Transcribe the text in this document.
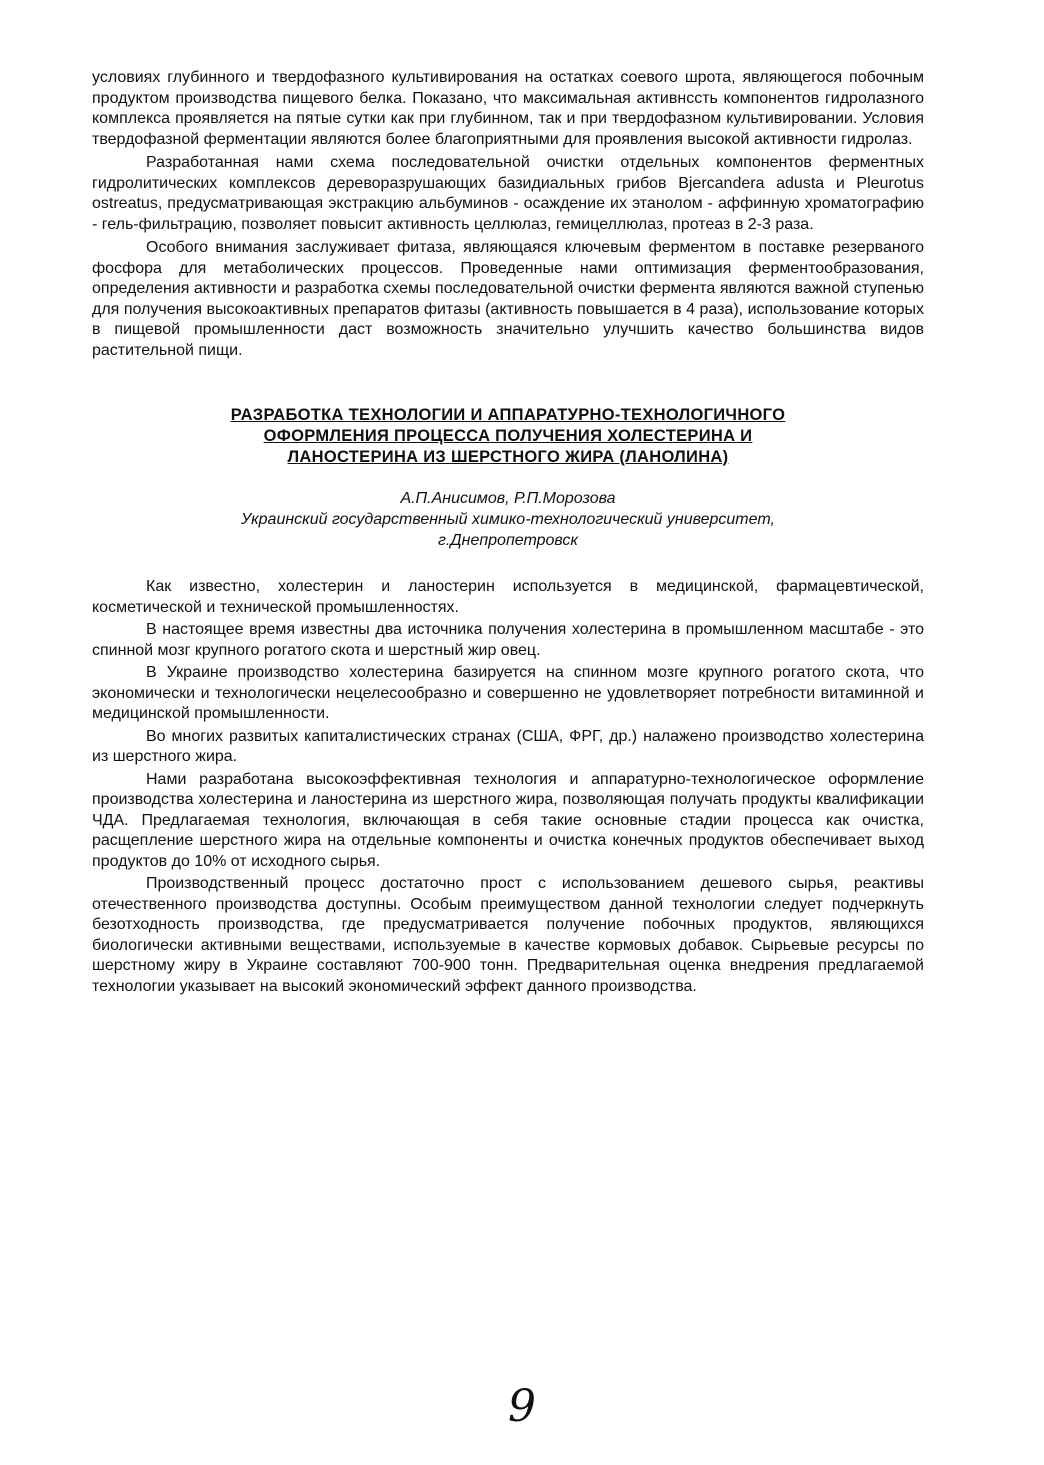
условиях глубинного и твердофазного культивирования на остатках соевого шрота, являющегося побочным продуктом производства пищевого белка. Показано, что максимальная активнсcть компонентов гидролазного комплекса проявляется на пятые сутки как при глубинном, так и при твердофазном культивировании. Условия твердофазной ферментации являются более благоприятными для проявления высокой активности гидролаз.

Разработанная нами схема последовательной очистки отдельных компонентов ферментных гидролитических комплексов дереворазрушающих базидиальных грибов Bjercandera adusta и Pleurotus ostreatus, предусматривающая экстракцию альбуминов - осаждение их этанолом - аффинную хроматографию - гель-фильтрацию, позволяет повысит активность целлюлаз, гемицеллюлаз, протеаз в 2-3 раза.

Особого внимания заслуживает фитаза, являющаяся ключевым ферментом в поставке резерваного фосфора для метаболических процессов. Проведенные нами оптимизация ферментообразования, определения активности и разработка схемы последовательной очистки фермента являются важной ступенью для получения высокоактивных препаратов фитазы (активность повышается в 4 раза), использование которых в пищевой промышленности даст возможность значительно улучшить качество большинства видов растительной пищи.

РАЗРАБОТКА ТЕХНОЛОГИИ И АППАРАТУРНО-ТЕХНОЛОГИЧНОГО
ОФОРМЛЕНИЯ ПРОЦЕССА ПОЛУЧЕНИЯ ХОЛЕСТЕРИНА И
ЛАНОСТЕРИНА ИЗ ШЕРСТНОГО ЖИРА (ЛАНОЛИНА)
А.П.Анисимов, Р.П.Морозова
Украинский государственный химико-технологический университет,
г.Днепропетровск

Как известно, холестерин и ланостерин используется в медицинской, фармацевтической, косметической и технической промышленностях.

В настоящее время известны два источника получения холестерина в промышленном масштабе - это спинной мозг крупного рогатого скота и шерстный жир овец.

В Украине производство холестерина базируется на спинном мозге крупного рогатого скота, что экономически и технологически нецелесообразно и совершенно не удовлетворяет потребности витаминной и медицинской промышленности.

Во многих развитых капиталистических странах (США, ФРГ, др.) налажено производство холестерина из шерстного жира.

Нами разработана высокоэффективная технология и аппаратурно-технологическое оформление производства холестерина и ланостерина из шерстного жира, позволяющая получать продукты квалификации ЧДА. Предлагаемая технология, включающая в себя такие основные стадии процесса как очистка, расщепление шерстного жира на отдельные компоненты и очистка конечных продуктов обеспечивает выход продуктов до 10% от исходного сырья.

Производственный процесс достаточно прост с использованием дешевого сырья, реактивы отечественного производства доступны. Особым преимуществом данной технологии следует подчеркнуть безотходность производства, где предусматривается получение побочных продуктов, являющихся биологически активными веществами, используемые в качестве кормовых добавок. Сырьевые ресурсы по шерстному жиру в Украине составляют 700-900 тонн. Предварительная оценка внедрения предлагаемой технологии указывает на высокий экономический эффект данного производства.

9
